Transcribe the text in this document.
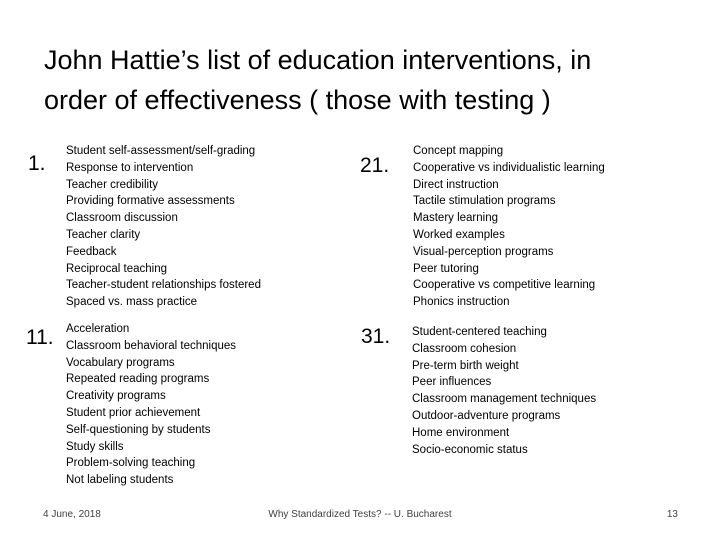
John Hattie’s list of education interventions, in
order of effectiveness ( those with testing )
1.
Student self-assessment/self-grading
Response to intervention
Teacher credibility
Providing formative assessments
Classroom discussion
Teacher clarity
Feedback
Reciprocal teaching
Teacher-student relationships fostered
Spaced vs. mass practice
21.
Concept mapping
Cooperative vs individualistic learning
Direct instruction
Tactile stimulation programs
Mastery learning
Worked examples
Visual-perception programs
Peer tutoring
Cooperative vs competitive learning
Phonics instruction
11. Acceleration
Classroom behavioral techniques
Vocabulary programs
Repeated reading programs
Creativity programs
Student prior achievement
Self-questioning by students
Study skills
Problem-solving teaching
Not labeling students
31. Student-centered teaching
Classroom cohesion
Pre-term birth weight
Peer influences
Classroom management techniques
Outdoor-adventure programs
Home environment
Socio-economic status
4 June, 2018	Why Standardized Tests? -- U. Bucharest	13
